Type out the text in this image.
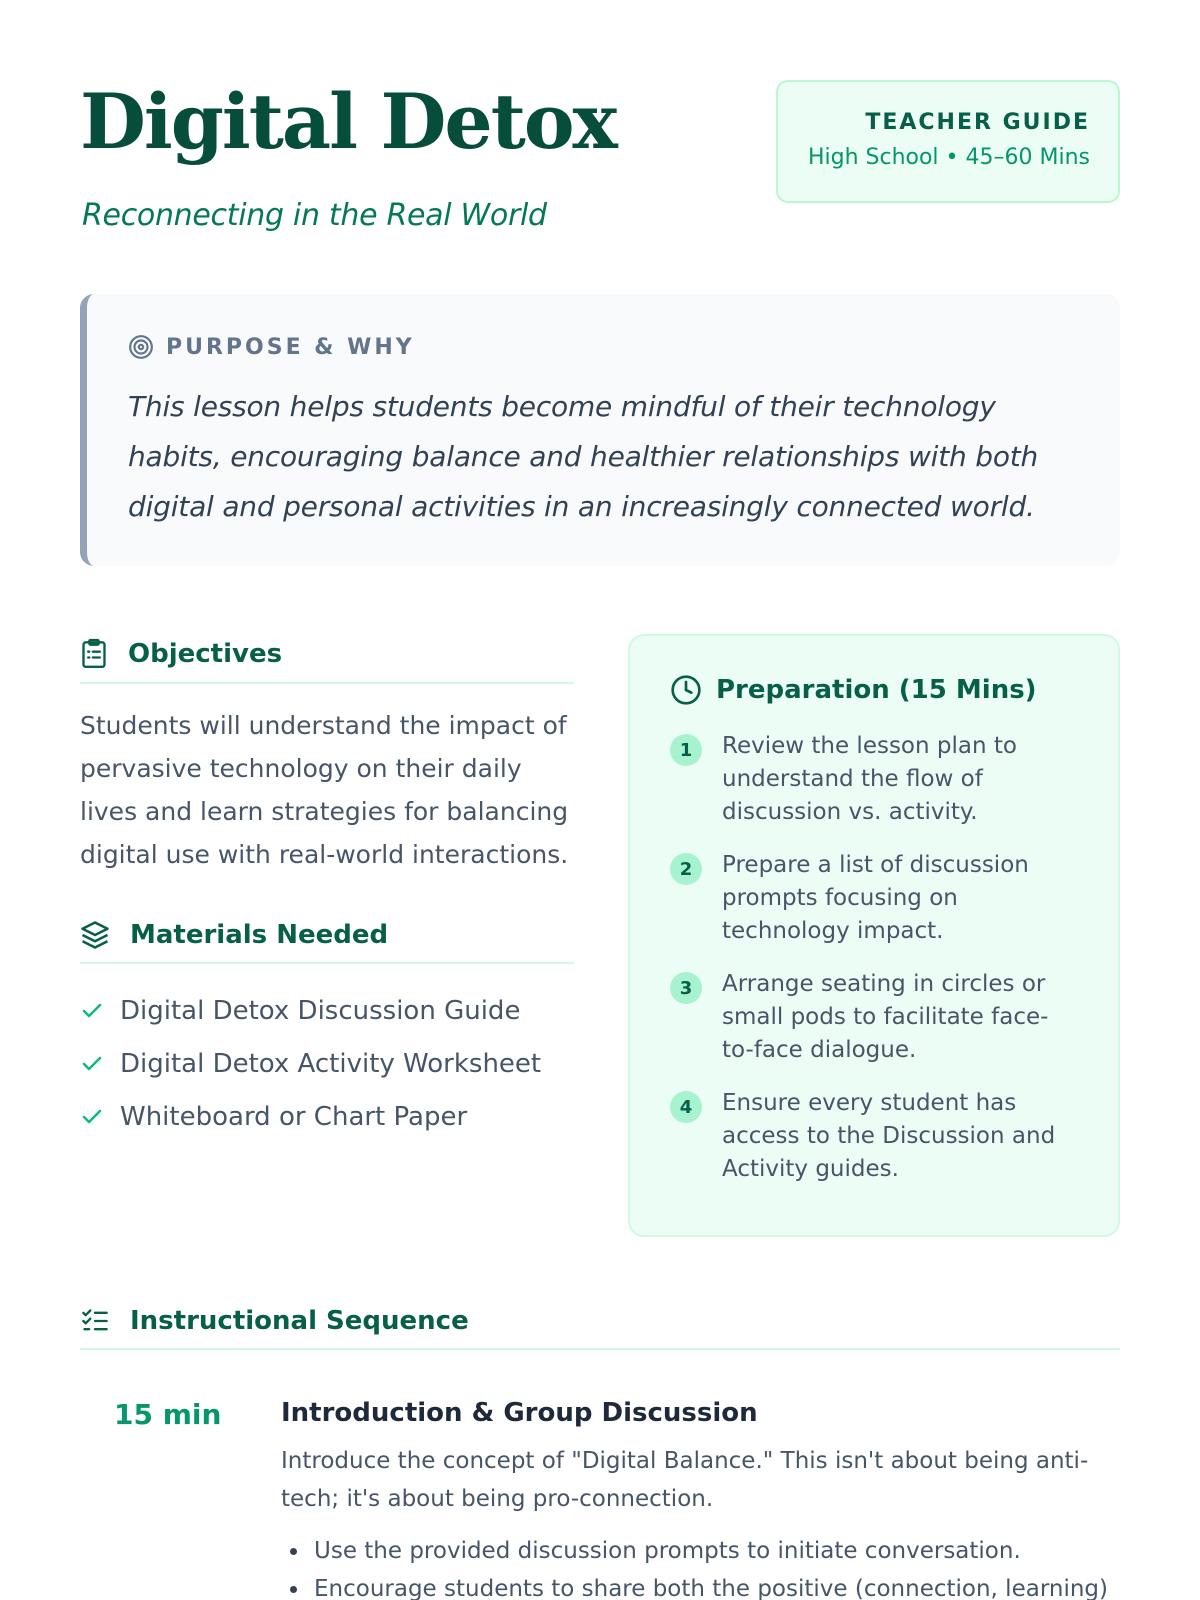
Digital Detox
Reconnecting in the Real World
TEACHER GUIDE
High School • 45–60 Mins
PURPOSE & WHY

This lesson helps students become mindful of their technology habits, encouraging balance and healthier relationships with both digital and personal activities in an increasingly connected world.

Objectives

Students will understand the impact of pervasive technology on their daily lives and learn strategies for balancing digital use with real-world interactions.

Materials Needed
Digital Detox Discussion Guide
Digital Detox Activity Worksheet
Whiteboard or Chart Paper
Preparation (15 Mins)
1	Review the lesson plan to understand the flow of discussion vs. activity.
2	Prepare a list of discussion prompts focusing on technology impact.
3	Arrange seating in circles or small pods to facilitate face-to-face dialogue.
4	Ensure every student has access to the Discussion and Activity guides.
Instructional Sequence
15 min Introduction & Group Discussion

Introduce the concept of "Digital Balance." This isn't about being anti-tech; it's about being pro-connection.

Use the provided discussion prompts to initiate conversation.
Encourage students to share both the positive (connection, learning)
